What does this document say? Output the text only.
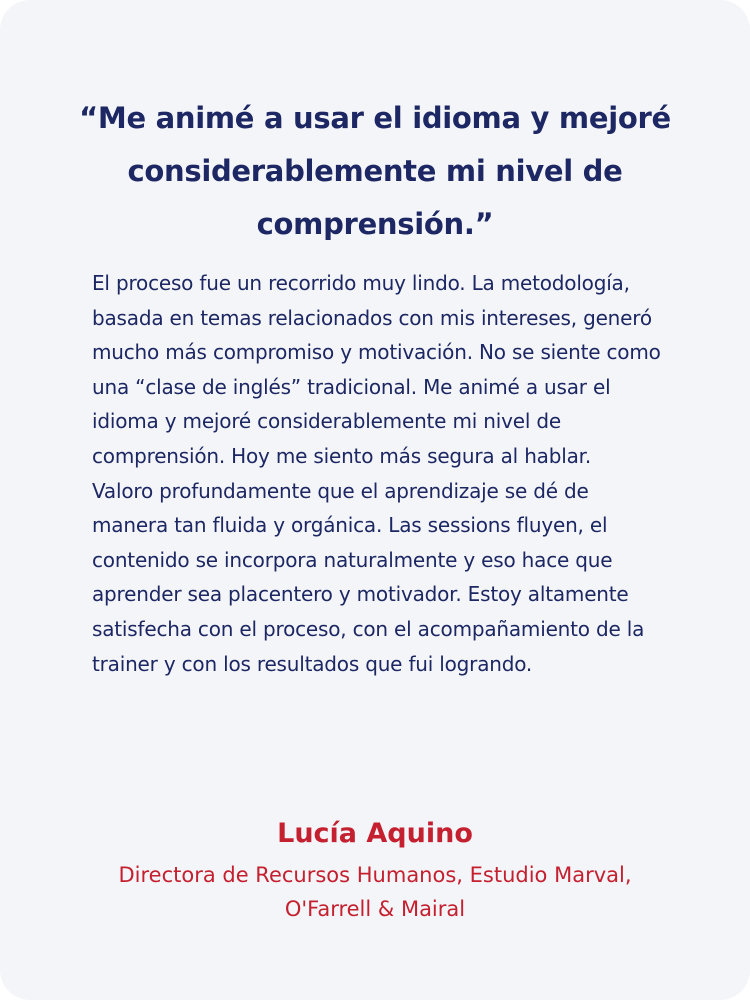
“Me animé a usar el idioma y mejoré considerablemente mi nivel de comprensión.”

El proceso fue un recorrido muy lindo. La metodología, basada en temas relacionados con mis intereses, generó mucho más compromiso y motivación. No se siente como una “clase de inglés” tradicional. Me animé a usar el idioma y mejoré considerablemente mi nivel de comprensión. Hoy me siento más segura al hablar.

Valoro profundamente que el aprendizaje se dé de manera tan fluida y orgánica. Las sessions fluyen, el contenido se incorpora naturalmente y eso hace que aprender sea placentero y motivador. Estoy altamente satisfecha con el proceso, con el acompañamiento de la trainer y con los resultados que fui logrando.

Lucía Aquino
Directora de Recursos Humanos, Estudio Marval, O'Farrell & Mairal
